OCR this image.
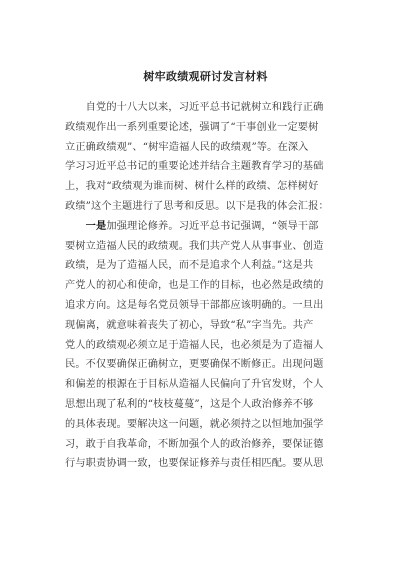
树牢政绩观研讨发言材料

　　自党的十八大以来，习近平总书记就树立和践行正确
政绩观作出一系列重要论述，强调了“干事创业一定要树
立正确政绩观”、“树牢造福人民的政绩观”等。在深入
学习习近平总书记的重要论述并结合主题教育学习的基础
上，我对“政绩观为谁而树、树什么样的政绩、怎样树好
政绩”这个主题进行了思考和反思。以下是我的体会汇报：

　　一是加强理论修养。习近平总书记强调，“领导干部
要树立造福人民的政绩观。我们共产党人从事事业、创造
政绩，是为了造福人民，而不是追求个人利益。”这是共
产党人的初心和使命，也是工作的目标，也必然是政绩的
追求方向。这是每名党员领导干部都应该明确的。一旦出
现偏离，就意味着丧失了初心，导致“私”字当先。共产
党人的政绩观必须立足于造福人民，也必须是为了造福人
民。不仅要确保正确树立，更要确保不断修正。出现问题
和偏差的根源在于目标从造福人民偏向了升官发财，个人
思想出现了私利的“枝枝蔓蔓”，这是个人政治修养不够
的具体表现。要解决这一问题，就必须持之以恒地加强学
习，敢于自我革命，不断加强个人的政治修养，要保证德
行与职责协调一致，也要保证修养与责任相匹配。要从思
